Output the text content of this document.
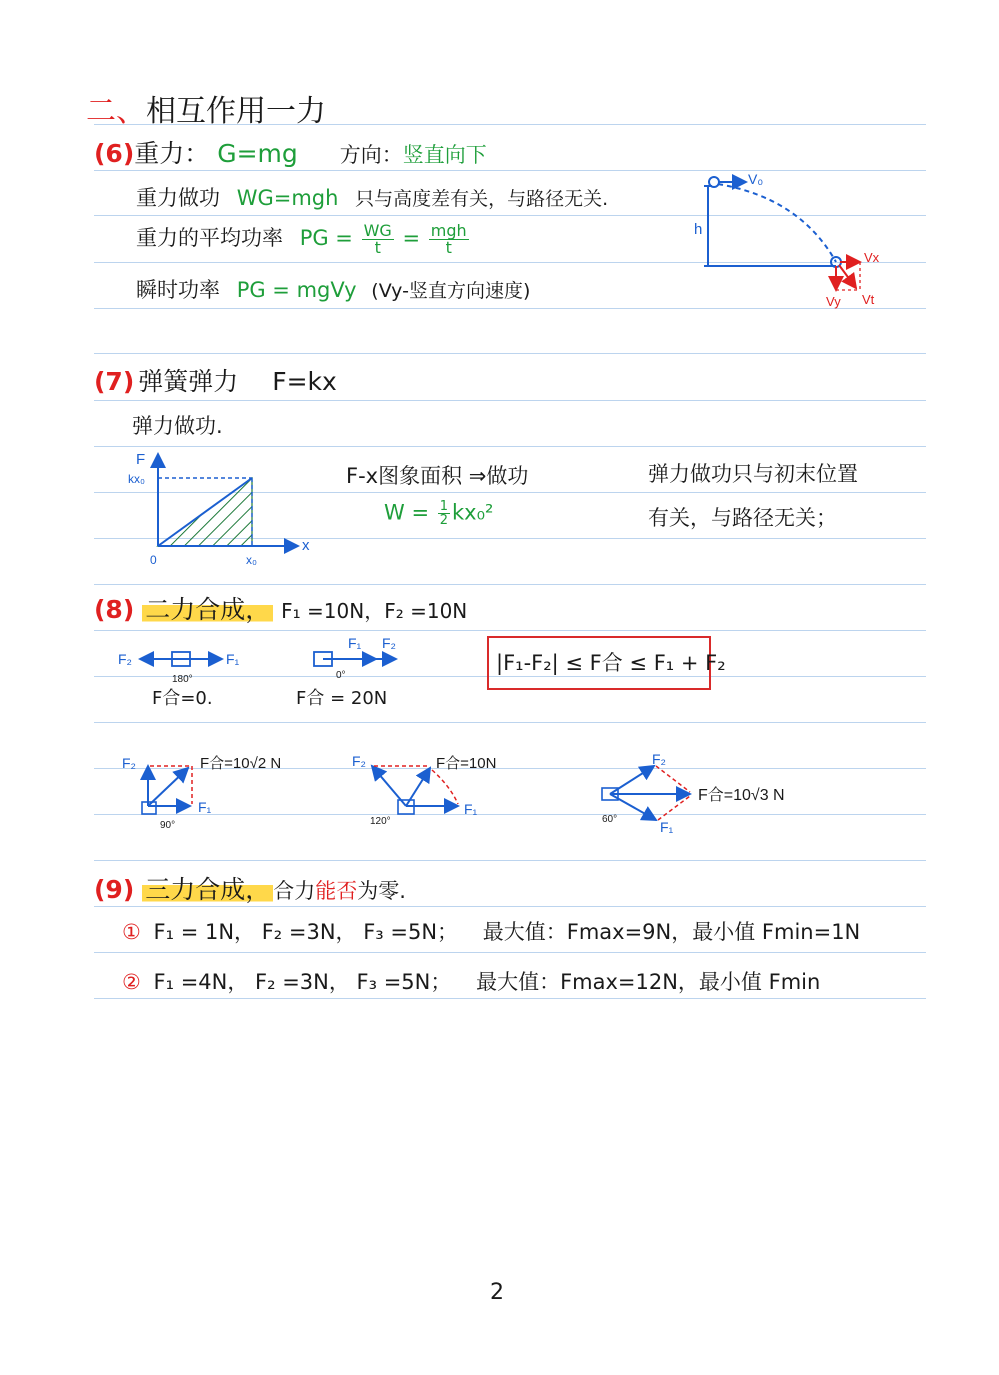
二、相互作用一力
(6)重力： G=mg 方向：竖直向下
重力做功 WG=mgh 只与高度差有关，与路径无关.
重力的平均功率 PG = $\frac{WG}{t} = \frac{\text{mgh}}{t}$
瞬时功率 PG = mgVy (Vy-竖直方向速度)
V₀
h
Vx
Vy Vt
(7) 弹簧弹力 F=kx
弹力做功.
F
x
kx₀
x₀
0
F-x图象面积 ⇒做功
$W = \frac{1}{2} kx_0^2$
弹力做功只与初末位置
有关，与路径无关；
(8) 二力合成， F₁ =10N，F₂ =10N
F₂	F₁
180°
F合=0.
F₁ F₂
0°
F合 = 20N
|F₁-F₂| ≤ F合 ≤ F₁ + F₂
F₂
F₁
F合=10√2 N
90°
F₂
F₁
F合=10N
120°
F₂
F₁
F合=10√3 N
60°
(9) 三力合成， 合力能否为零.
① F₁ = 1N， F₂ =3N， F₃ =5N； 最大值：Fmax=9N，最小值 Fmin=1N
② F₁ =4N， F₂ =3N， F₃ =5N； 最大值：Fmax=12N，最小值 Fmin
2
